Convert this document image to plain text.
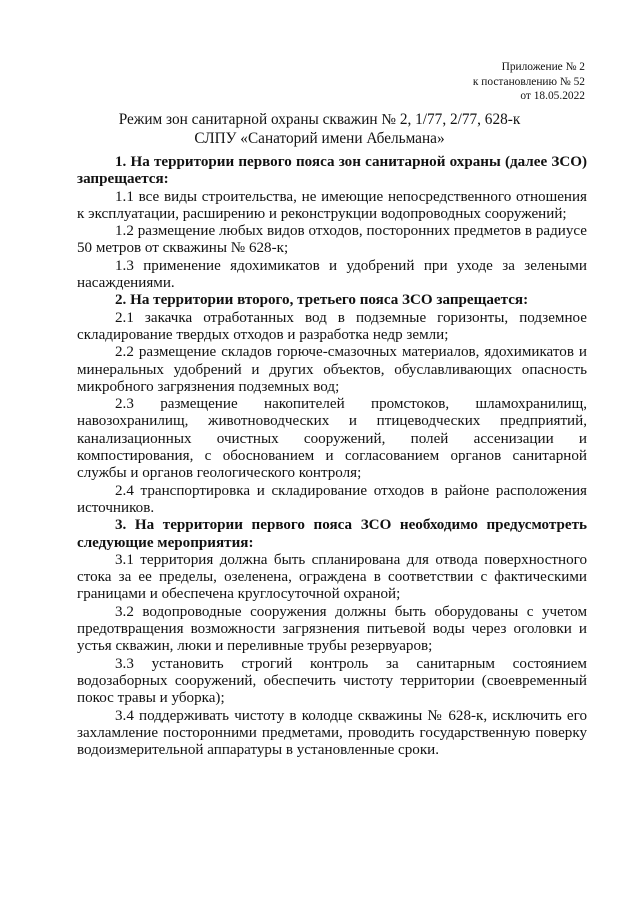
Приложение № 2
к постановлению № 52
от 18.05.2022
Режим зон санитарной охраны скважин № 2, 1/77, 2/77, 628-к
СЛПУ «Санаторий имени Абельмана»

1. На территории первого пояса зон санитарной охраны (далее ЗСО) запрещается:

1.1 все виды строительства, не имеющие непосредственного отношения к эксплуатации, расширению и реконструкции водопроводных сооружений;

1.2 размещение любых видов отходов, посторонних предметов в радиусе 50 метров от скважины № 628-к;

1.3 применение ядохимикатов и удобрений при уходе за зелеными насаждениями.

2. На территории второго, третьего пояса ЗСО запрещается:

2.1 закачка отработанных вод в подземные горизонты, подземное складирование твердых отходов и разработка недр земли;

2.2 размещение складов горюче-смазочных материалов, ядохимикатов и минеральных удобрений и других объектов, обуславливающих опасность микробного загрязнения подземных вод;

2.3 размещение накопителей промстоков, шламохранилищ, навозохранилищ, животноводческих и птицеводческих предприятий, канализационных очистных сооружений, полей ассенизации и компостирования, с обоснованием и согласованием органов санитарной службы и органов геологического контроля;

2.4 транспортировка и складирование отходов в районе расположения источников.

3. На территории первого пояса ЗСО необходимо предусмотреть следующие мероприятия:

3.1 территория должна быть спланирована для отвода поверхностного стока за ее пределы, озеленена, ограждена в соответствии с фактическими границами и обеспечена круглосуточной охраной;

3.2 водопроводные сооружения должны быть оборудованы с учетом предотвращения возможности загрязнения питьевой воды через оголовки и устья скважин, люки и переливные трубы резервуаров;

3.3 установить строгий контроль за санитарным состоянием водозаборных сооружений, обеспечить чистоту территории (своевременный покос травы и уборка);

3.4 поддерживать чистоту в колодце скважины № 628-к, исключить его захламление посторонними предметами, проводить государственную поверку водоизмерительной аппаратуры в установленные сроки.
